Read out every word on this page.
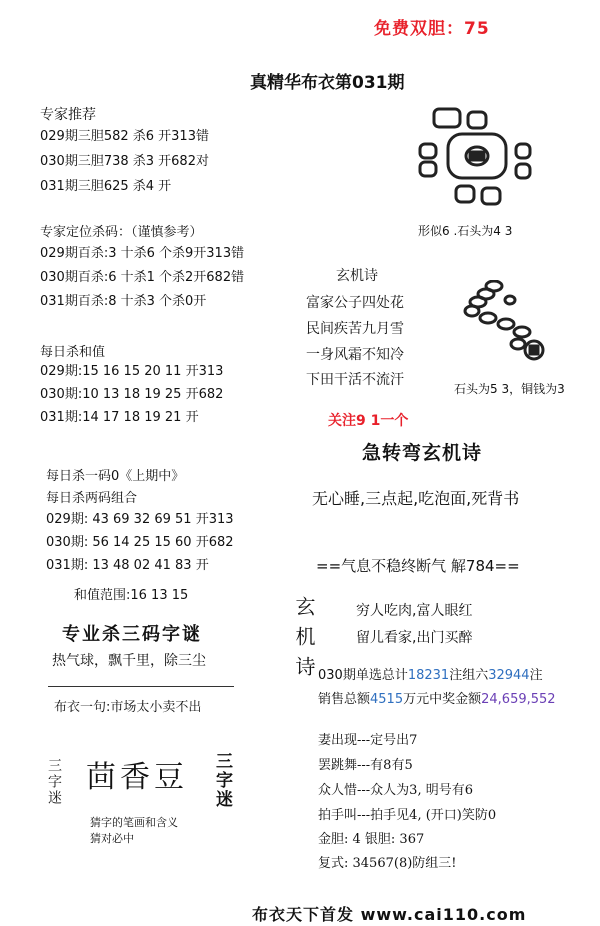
免费双胆：75
真精华布衣第031期
专家推荐
029期三胆582 杀6 开313错
030期三胆738 杀3 开682对
031期三胆625 杀4 开
专家定位杀码：（谨慎参考）
029期百杀:3 十杀6 个杀9开313错
030期百杀:6 十杀1 个杀2开682错
031期百杀:8 十杀3 个杀0开
每日杀和值
029期:15 16 15 20 11 开313
030期:10 13 18 19 25 开682
031期:14 17 18 19 21 开
每日杀一码0《上期中》
每日杀两码组合
029期: 43 69 32 69 51 开313
030期: 56 14 25 15 60 开682
031期: 13 48 02 41 83 开
和值范围:16 13 15
专业杀三码字谜
热气球，飘千里，除三尘
布衣一句:市场太小卖不出
三字迷 茴香豆 三字迷
猜字的笔画和含义
猜对必中
形似6 .石头为4 3
玄机诗
富家公子四处花
民间疾苦九月雪
一身风霜不知冷
下田干活不流汗
石头为5 3，铜钱为3
关注9 1一个
急转弯玄机诗
无心睡,三点起,吃泡面,死背书
==气息不稳终断气 解784==
玄机诗	穷人吃肉,富人眼红
留儿看家,出门买醉
030期单选总计18231注组六32944注
销售总额4515万元中奖金额24,659,552
妻出现---定号出7
罢跳舞---有8有5
众人惜---众人为3, 明号有6
拍手叫---拍手见4, (开口)笑防0
金胆: 4 银胆: 367
复式: 34567(8)防组三!
布衣天下首发 www.cai110.com
